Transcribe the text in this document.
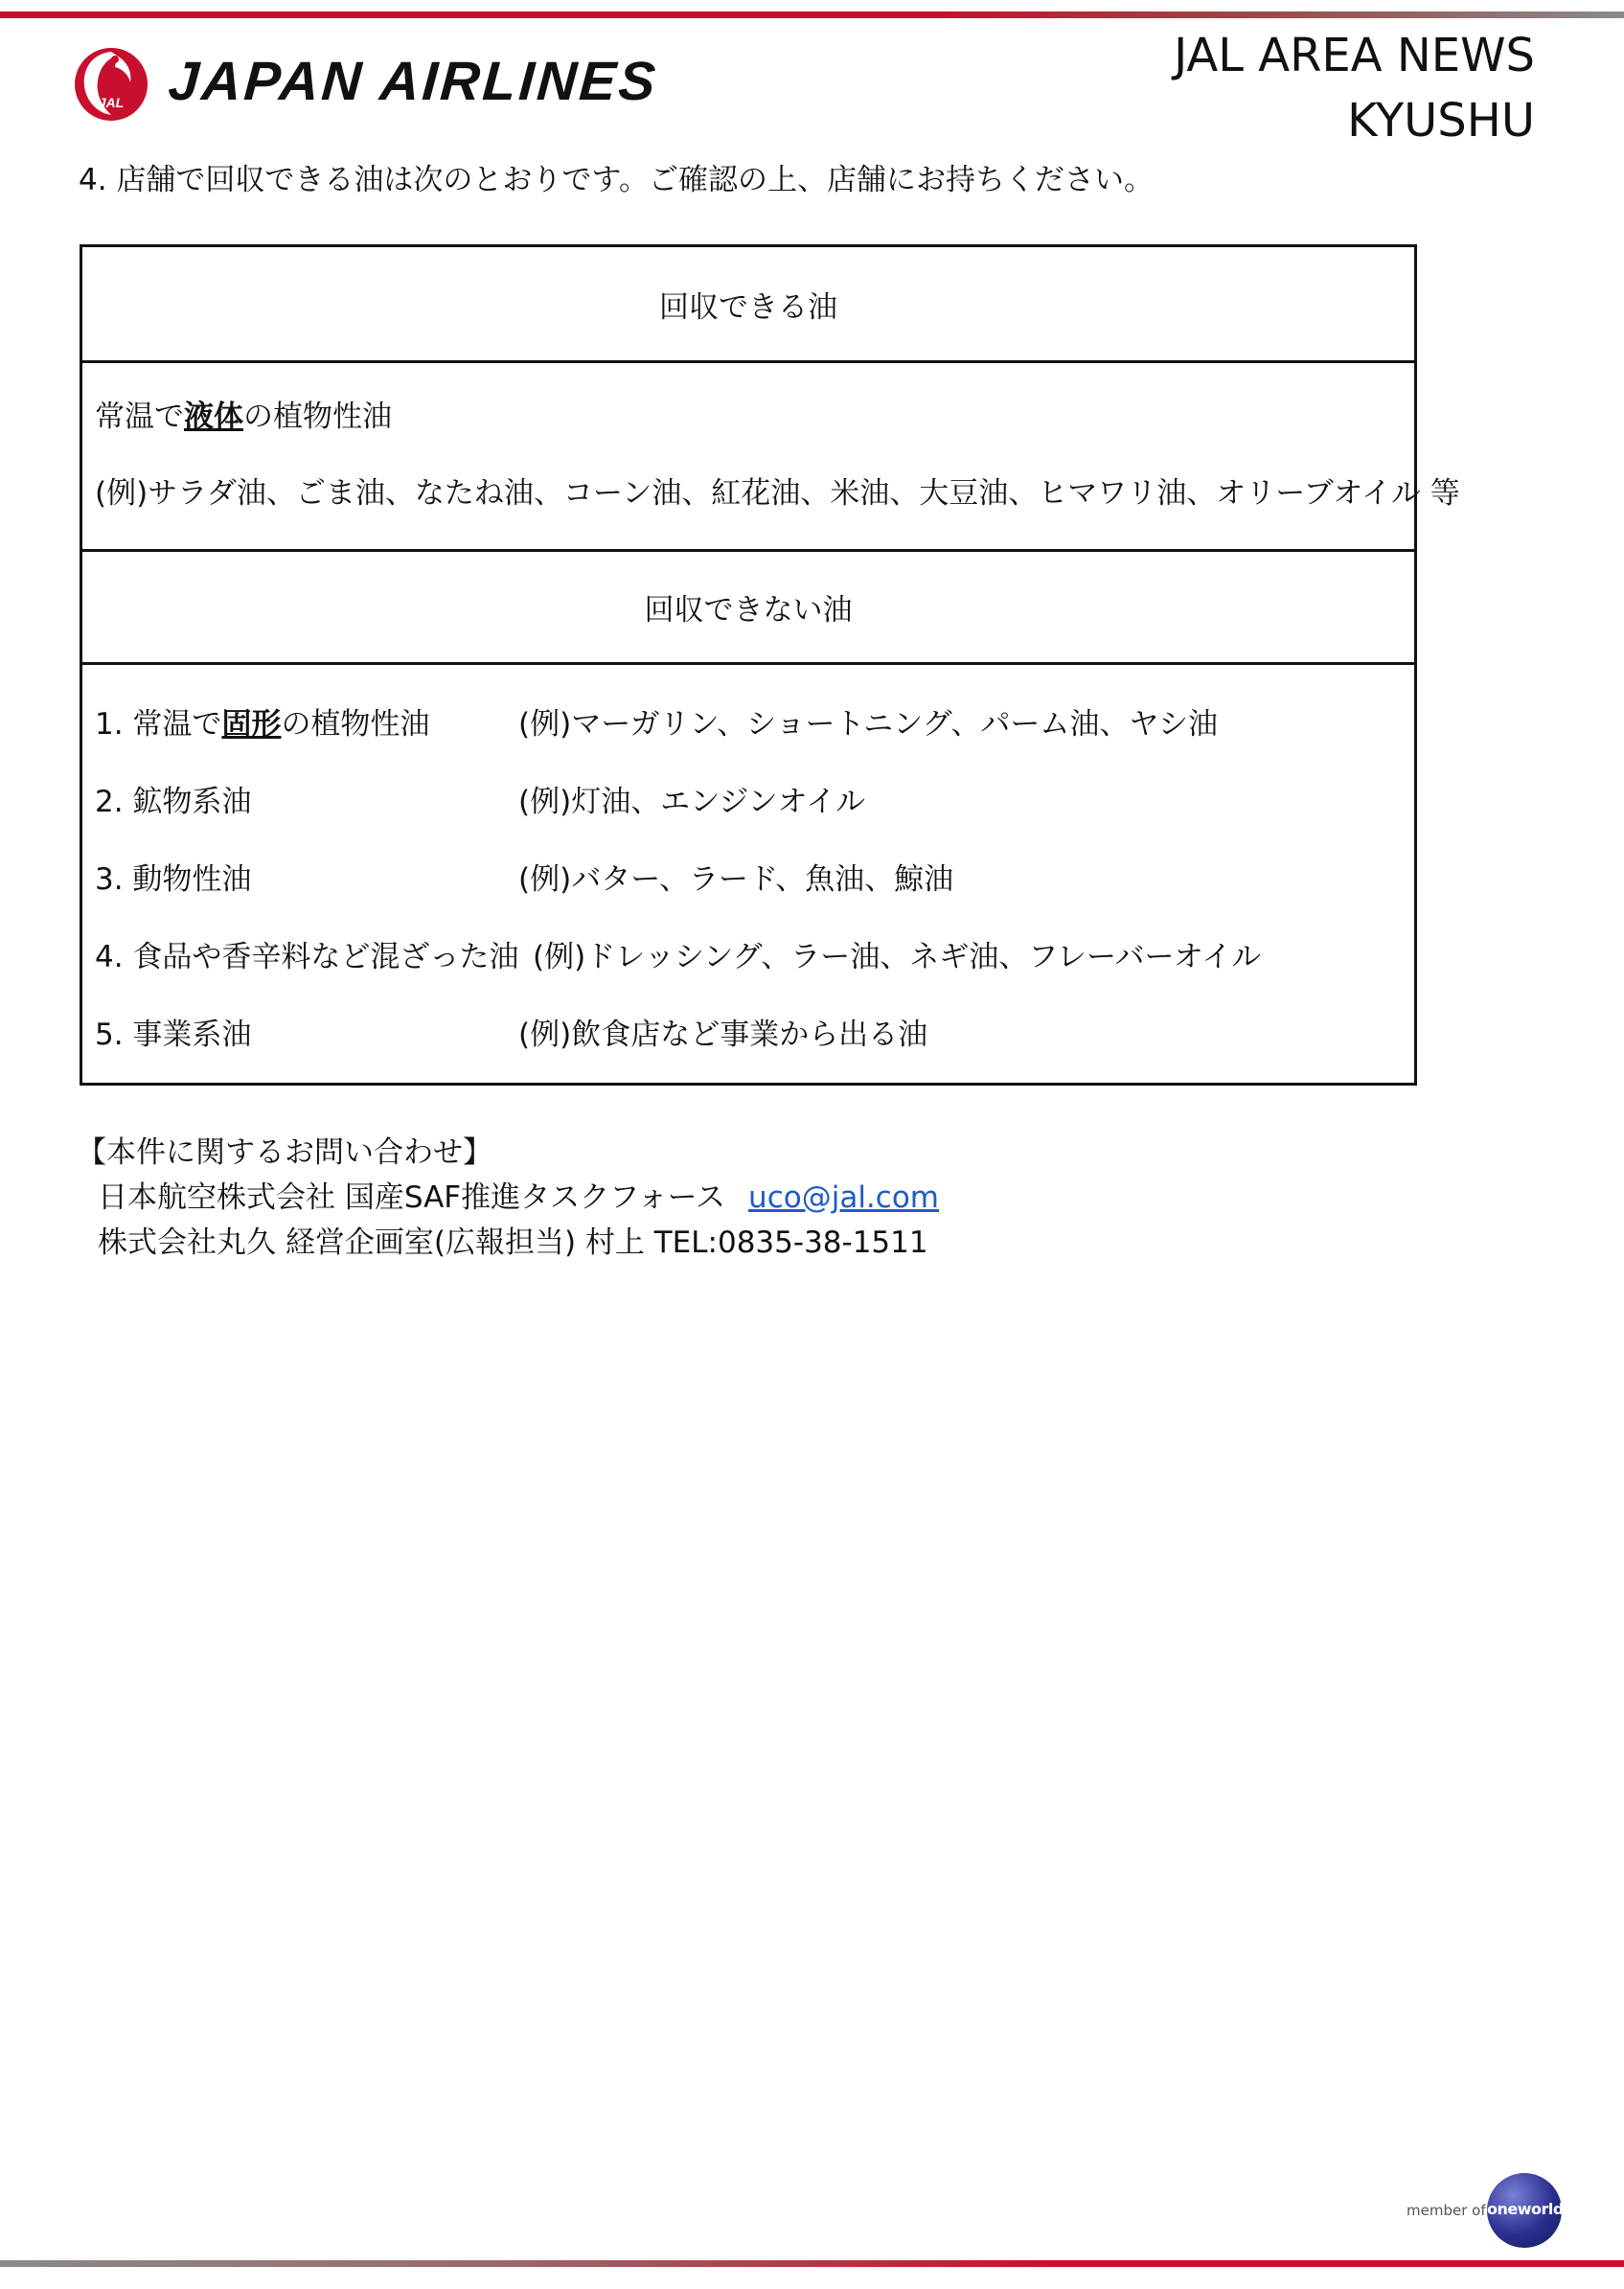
JAL JAPAN AIRLINES	JAL AREA NEWS
KYUSHU
4. 店舗で回収できる油は次のとおりです。ご確認の上、店舗にお持ちください。
回収できる油
常温で液体の植物性油
(例)サラダ油、ごま油、なたね油、コーン油、紅花油、米油、大豆油、ヒマワリ油、オリーブオイル 等
回収できない油
1. 常温で固形の植物性油	(例)マーガリン、ショートニング、パーム油、ヤシ油
2. 鉱物系油	(例)灯油、エンジンオイル
3. 動物性油	(例)バター、ラード、魚油、鯨油
4. 食品や香辛料など混ざった油 (例)ドレッシング、ラー油、ネギ油、フレーバーオイル
5. 事業系油	(例)飲食店など事業から出る油
【本件に関するお問い合わせ】
日本航空株式会社 国産SAF推進タスクフォース uco@jal.com
株式会社丸久 経営企画室(広報担当) 村上 TEL:0835-38-1511
member of oneworld
